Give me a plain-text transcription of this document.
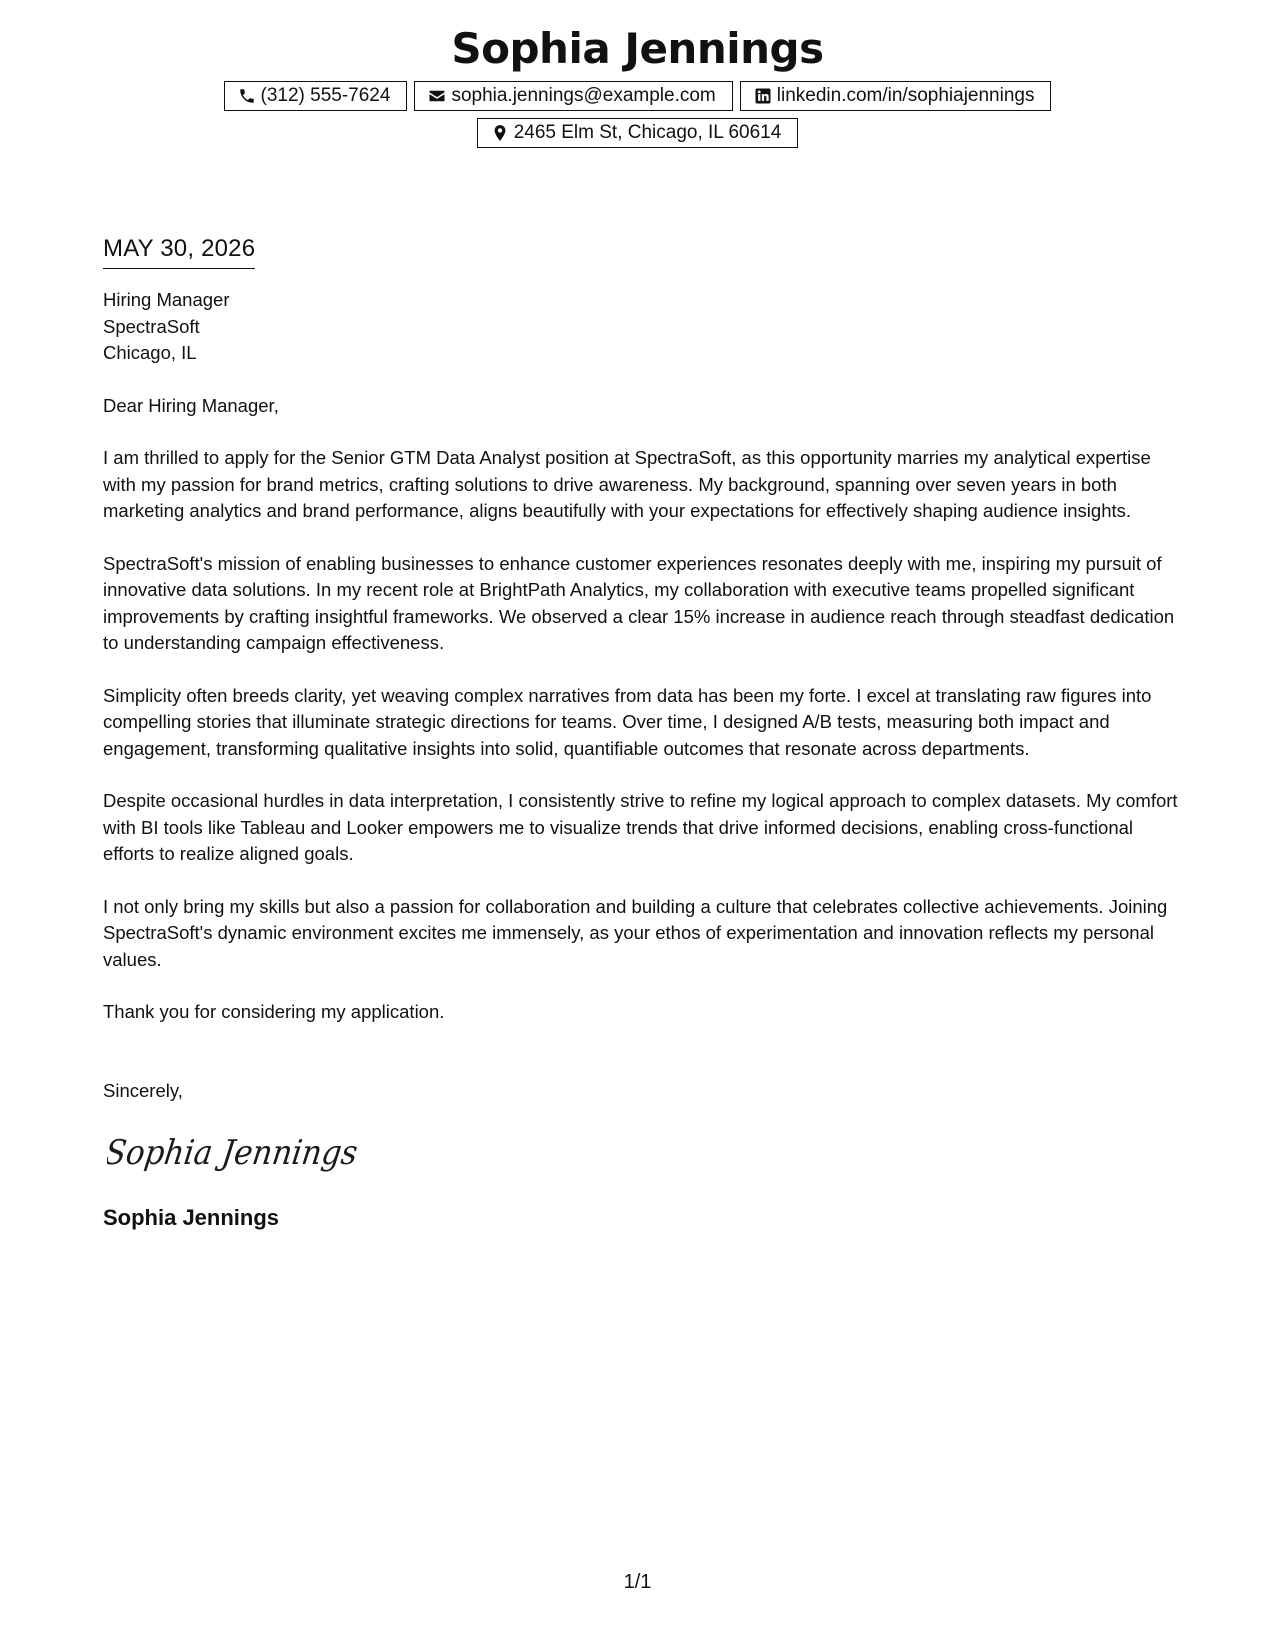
Sophia Jennings
(312) 555-7624	sophia.jennings@example.com	linkedin.com/in/sophiajennings
2465 Elm St, Chicago, IL 60614
MAY 30, 2026
Hiring Manager
SpectraSoft
Chicago, IL
Dear Hiring Manager,

I am thrilled to apply for the Senior GTM Data Analyst position at SpectraSoft, as this opportunity marries my analytical expertise with my passion for brand metrics, crafting solutions to drive awareness. My background, spanning over seven years in both marketing analytics and brand performance, aligns beautifully with your expectations for effectively shaping audience insights.

SpectraSoft's mission of enabling businesses to enhance customer experiences resonates deeply with me, inspiring my pursuit of innovative data solutions. In my recent role at BrightPath Analytics, my collaboration with executive teams propelled significant improvements by crafting insightful frameworks. We observed a clear 15% increase in audience reach through steadfast dedication to understanding campaign effectiveness.

Simplicity often breeds clarity, yet weaving complex narratives from data has been my forte. I excel at translating raw figures into compelling stories that illuminate strategic directions for teams. Over time, I designed A/B tests, measuring both impact and engagement, transforming qualitative insights into solid, quantifiable outcomes that resonate across departments.

Despite occasional hurdles in data interpretation, I consistently strive to refine my logical approach to complex datasets. My comfort with BI tools like Tableau and Looker empowers me to visualize trends that drive informed decisions, enabling cross-functional efforts to realize aligned goals.

I not only bring my skills but also a passion for collaboration and building a culture that celebrates collective achievements. Joining SpectraSoft's dynamic environment excites me immensely, as your ethos of experimentation and innovation reflects my personal values.

Thank you for considering my application.

Sincerely,
Sophia Jennings
Sophia Jennings
1/1
